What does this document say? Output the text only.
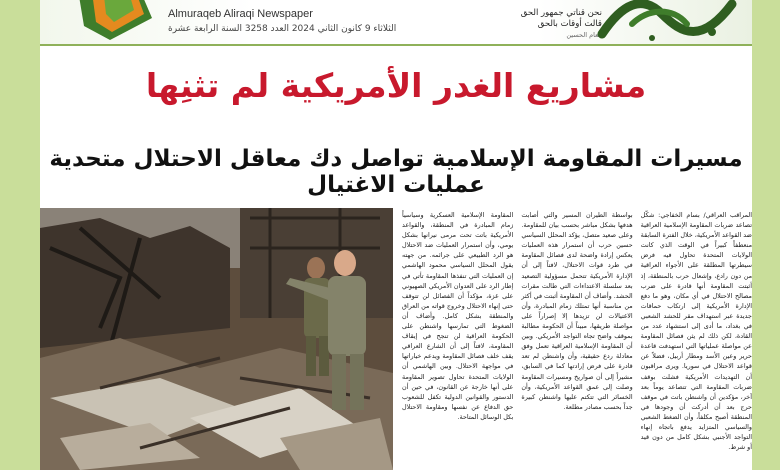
Almuraqeb Aliraqi Newspaper
الثلاثاء 9 كانون الثاني 2024 العدد 3258 السنة الرابعة عشرة
نحن قناتي جمهور الحق
قالت أوقات بالحق
العام الحسين
مشاريع الغدر الأمريكية لم تثنِها
مسيرات المقاومة الإسلامية تواصل دك معاقل الاحتلال متحدية عمليات الاغتيال
المراقب العراقي/ بسام الخفاجي: شكّل تصاعد ضربات المقاومة الإسلامية العراقية ضد القواعد الأمريكية، خلال الفترة السابقة منعطفاً كبيراً في الوقت الذي كانت الولايات المتحدة تحاول فيه فرض سيطرتها المطلقة على الأجواء العراقية من دون رادع، وإشعال حرب بالمنطقة، إذ أثبتت المقاومة أنها قادرة على ضرب مصالح الاحتلال في أي مكان، وهو ما دفع الإدارة الأمريكية إلى ارتكاب حماقات جديدة عبر استهداف مقر للحشد الشعبي في بغداد، ما أدى إلى استشهاد عدد من القادة، لكن ذلك لم يثن فصائل المقاومة عن مواصلة عملياتها التي استهدفت قاعدة حرير وعين الأسد ومطار أربيل، فضلاً عن قواعد الاحتلال في سوريا. ويرى مراقبون أن التهديدات الأمريكية فشلت بوقف ضربات المقاومة التي تتصاعد يوماً بعد آخر، مؤكدين أن واشنطن باتت في موقف حرج بعد أن أدركت أن وجودها في المنطقة أصبح مكلفاً، وأن الضغط الشعبي والسياسي المتزايد يدفع باتجاه إنهاء التواجد الأجنبي بشكل كامل من دون قيد أو شرط.
بواسطة الطيران المسير والتي أصابت هدفها بشكل مباشر بحسب بيان للمقاومة. وعلى صعيد متصل، يؤكد المحلل السياسي حسين حرب أن استمرار هذه العمليات يعكس إرادة واضحة لدى فصائل المقاومة في طرد قوات الاحتلال، لافتاً إلى أن الإدارة الأمريكية تتحمل مسؤولية التصعيد بعد سلسلة الاعتداءات التي طالت مقرات الحشد. وأضاف أن المقاومة أثبتت في أكثر من مناسبة أنها تمتلك زمام المبادرة، وأن الاغتيالات لن تزيدها إلا إصراراً على مواصلة طريقها، مبيناً أن الحكومة مطالبة بموقف واضح تجاه التواجد الأمريكي. وبين أن المقاومة الإسلامية العراقية تعمل وفق معادلة ردع حقيقية، وأن واشنطن لم تعد قادرة على فرض إرادتها كما في السابق، مشيراً إلى أن صواريخ ومسيرات المقاومة وصلت إلى عمق القواعد الأمريكية، وأن الخسائر التي تتكتم عليها واشنطن كبيرة جداً بحسب مصادر مطلعة.
المقاومة الإسلامية العسكرية وسياسياً زمام المبادرة في المنطقة، والقواعد الأمريكية باتت تحت مرمى نيرانها بشكل يومي، وأن استمرار العمليات ضد الاحتلال هو الرد الطبيعي على جرائمه. من جهته يقول المحلل السياسي محمود الهاشمي إن العمليات التي تنفذها المقاومة تأتي في إطار الرد على العدوان الأمريكي الصهيوني على غزة، مؤكداً أن الفصائل لن تتوقف حتى إنهاء الاحتلال وخروج قواته من العراق والمنطقة بشكل كامل. وأضاف أن الضغوط التي تمارسها واشنطن على الحكومة العراقية لن تنجح في إيقاف المقاومة، لافتاً إلى أن الشارع العراقي يقف خلف فصائل المقاومة ويدعم خياراتها في مواجهة الاحتلال. وبين الهاشمي أن الولايات المتحدة تحاول تصوير المقاومة على أنها خارجة عن القانون، في حين أن الدستور والقوانين الدولية تكفل للشعوب حق الدفاع عن نفسها ومقاومة الاحتلال بكل الوسائل المتاحة.
